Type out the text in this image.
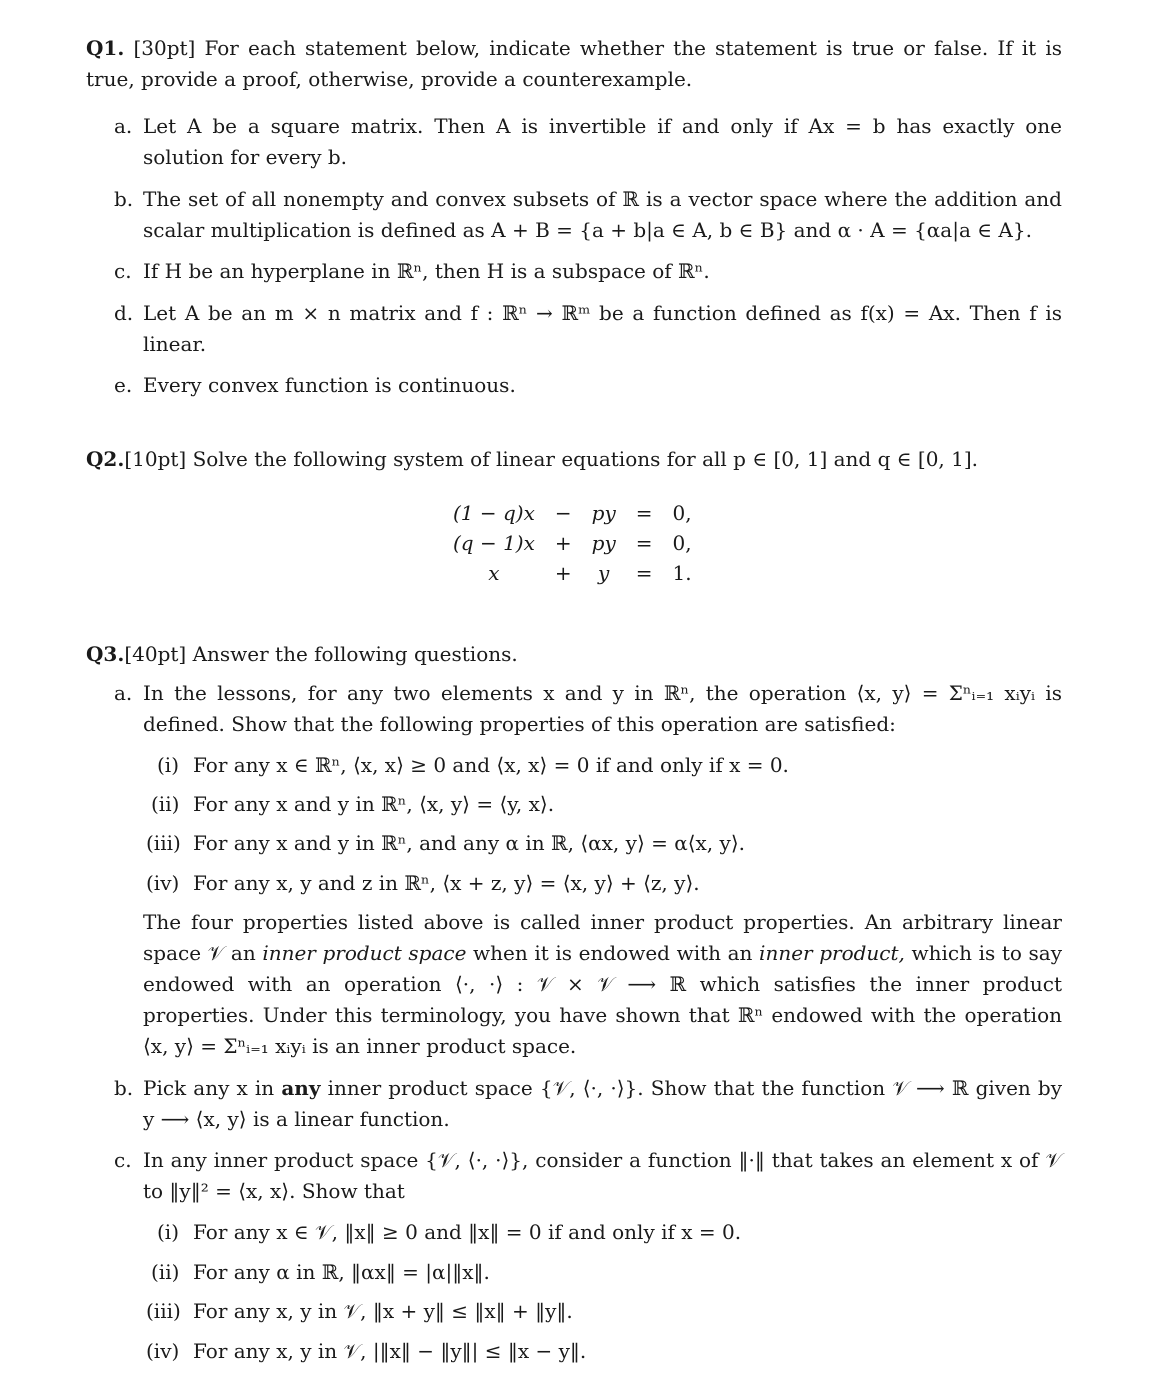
Q1. [30pt] For each statement below, indicate whether the statement is true or false. If it is true, provide a proof, otherwise, provide a counterexample.
a. Let A be a square matrix. Then A is invertible if and only if Ax = b has exactly one solution for every b.
b. The set of all nonempty and convex subsets of ℝ is a vector space where the addition and scalar multiplication is defined as A + B = {a + b|a ∈ A, b ∈ B} and α · A = {αa|a ∈ A}.
c. If H be an hyperplane in ℝⁿ, then H is a subspace of ℝⁿ.
d. Let A be an m × n matrix and f : ℝⁿ → ℝᵐ be a function defined as f(x) = Ax. Then f is linear.
e. Every convex function is continuous.
Q2.[10pt] Solve the following system of linear equations for all p ∈ [0, 1] and q ∈ [0, 1].
(1 − q)x	−	py	=	0,
(q − 1)x	+	py	=	0,
x	+	y	=	1.
Q3.[40pt] Answer the following questions.
a. In the lessons, for any two elements x and y in ℝⁿ, the operation ⟨x, y⟩ = Σⁿᵢ₌₁ xᵢyᵢ is defined. Show that the following properties of this operation are satisfied:
(i) For any x ∈ ℝⁿ, ⟨x, x⟩ ≥ 0 and ⟨x, x⟩ = 0 if and only if x = 0.
(ii) For any x and y in ℝⁿ, ⟨x, y⟩ = ⟨y, x⟩.
(iii) For any x and y in ℝⁿ, and any α in ℝ, ⟨αx, y⟩ = α⟨x, y⟩.
(iv) For any x, y and z in ℝⁿ, ⟨x + z, y⟩ = ⟨x, y⟩ + ⟨z, y⟩.
The four properties listed above is called inner product properties. An arbitrary linear space 𝒱 an inner product space when it is endowed with an inner product, which is to say endowed with an operation ⟨·, ·⟩ : 𝒱 × 𝒱 ⟶ ℝ which satisfies the inner product properties. Under this terminology, you have shown that ℝⁿ endowed with the operation ⟨x, y⟩ = Σⁿᵢ₌₁ xᵢyᵢ is an inner product space.
b. Pick any x in any inner product space {𝒱, ⟨·, ·⟩}. Show that the function 𝒱 ⟶ ℝ given by y ⟶ ⟨x, y⟩ is a linear function.
c. In any inner product space {𝒱, ⟨·, ·⟩}, consider a function ‖·‖ that takes an element x of 𝒱 to ‖y‖² = ⟨x, x⟩. Show that
(i) For any x ∈ 𝒱, ‖x‖ ≥ 0 and ‖x‖ = 0 if and only if x = 0.
(ii) For any α in ℝ, ‖αx‖ = |α|‖x‖.
(iii) For any x, y in 𝒱, ‖x + y‖ ≤ ‖x‖ + ‖y‖.
(iv) For any x, y in 𝒱, |‖x‖ − ‖y‖| ≤ ‖x − y‖.
